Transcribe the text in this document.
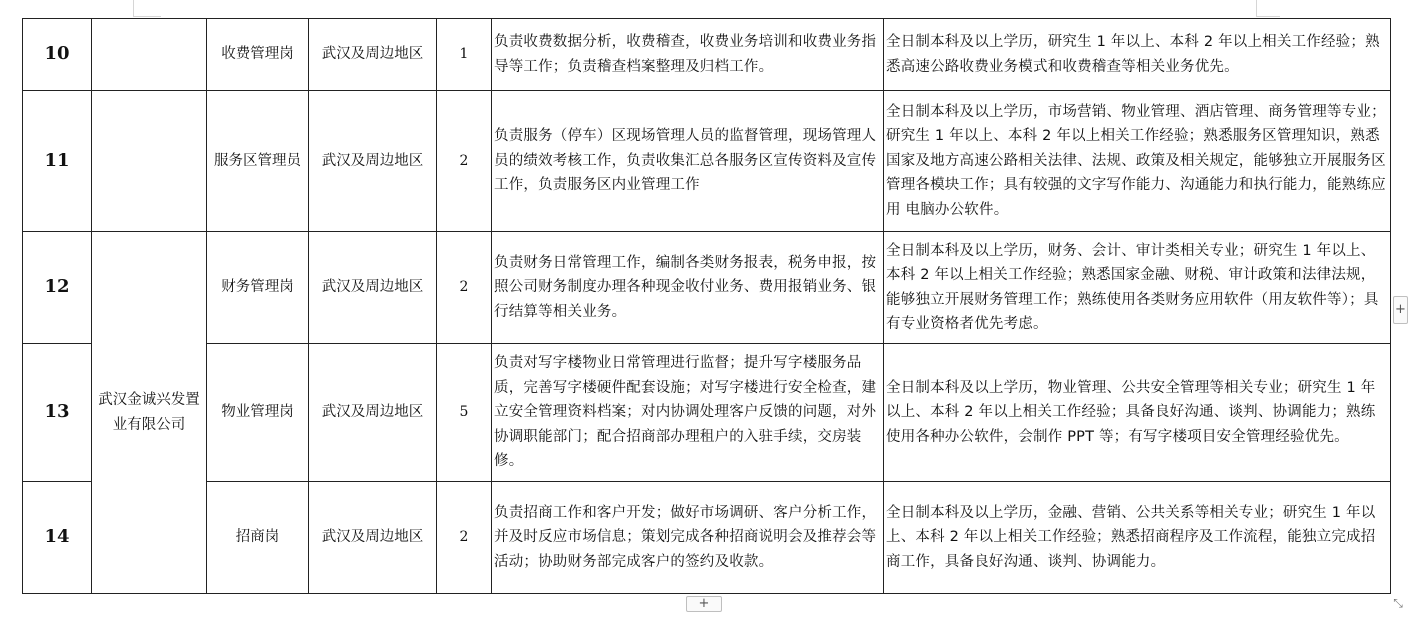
10		收费管理岗	武汉及周边地区	1	负责收费数据分析，收费稽查，收费业务培训和收费业务指导等工作；负责稽查档案整理及归档工作。	全日制本科及以上学历，研究生 1 年以上、本科 2 年以上相关工作经验；熟悉高速公路收费业务模式和收费稽查等相关业务优先。
11		服务区管理员	武汉及周边地区	2	负责服务（停车）区现场管理人员的监督管理，现场管理人员的绩效考核工作，负责收集汇总各服务区宣传资料及宣传工作，负责服务区内业管理工作	全日制本科及以上学历，市场营销、物业管理、酒店管理、商务管理等专业；研究生 1 年以上、本科 2 年以上相关工作经验；熟悉服务区管理知识，熟悉国家及地方高速公路相关法律、法规、政策及相关规定，能够独立开展服务区管理各模块工作；具有较强的文字写作能力、沟通能力和执行能力，能熟练应用 电脑办公软件。
12	武汉金诚兴发置业有限公司	财务管理岗	武汉及周边地区	2	负责财务日常管理工作，编制各类财务报表，税务申报，按照公司财务制度办理各种现金收付业务、费用报销业务、银行结算等相关业务。	全日制本科及以上学历，财务、会计、审计类相关专业；研究生 1 年以上、本科 2 年以上相关工作经验；熟悉国家金融、财税、审计政策和法律法规，能够独立开展财务管理工作；熟练使用各类财务应用软件（用友软件等）；具有专业资格者优先考虑。
13		物业管理岗	武汉及周边地区	5	负责对写字楼物业日常管理进行监督；提升写字楼服务品质，完善写字楼硬件配套设施；对写字楼进行安全检查，建立安全管理资料档案；对内协调处理客户反馈的问题，对外协调职能部门；配合招商部办理租户的入驻手续，交房装修。	全日制本科及以上学历，物业管理、公共安全管理等相关专业；研究生 1 年以上、本科 2 年以上相关工作经验；具备良好沟通、谈判、协调能力；熟练使用各种办公软件，会制作 PPT 等；有写字楼项目安全管理经验优先。
14		招商岗	武汉及周边地区	2	负责招商工作和客户开发；做好市场调研、客户分析工作，并及时反应市场信息；策划完成各种招商说明会及推荐会等活动；协助财务部完成客户的签约及收款。	全日制本科及以上学历，金融、营销、公共关系等相关专业；研究生 1 年以上、本科 2 年以上相关工作经验；熟悉招商程序及工作流程，能独立完成招商工作，具备良好沟通、谈判、协调能力。
+
+	⤡
